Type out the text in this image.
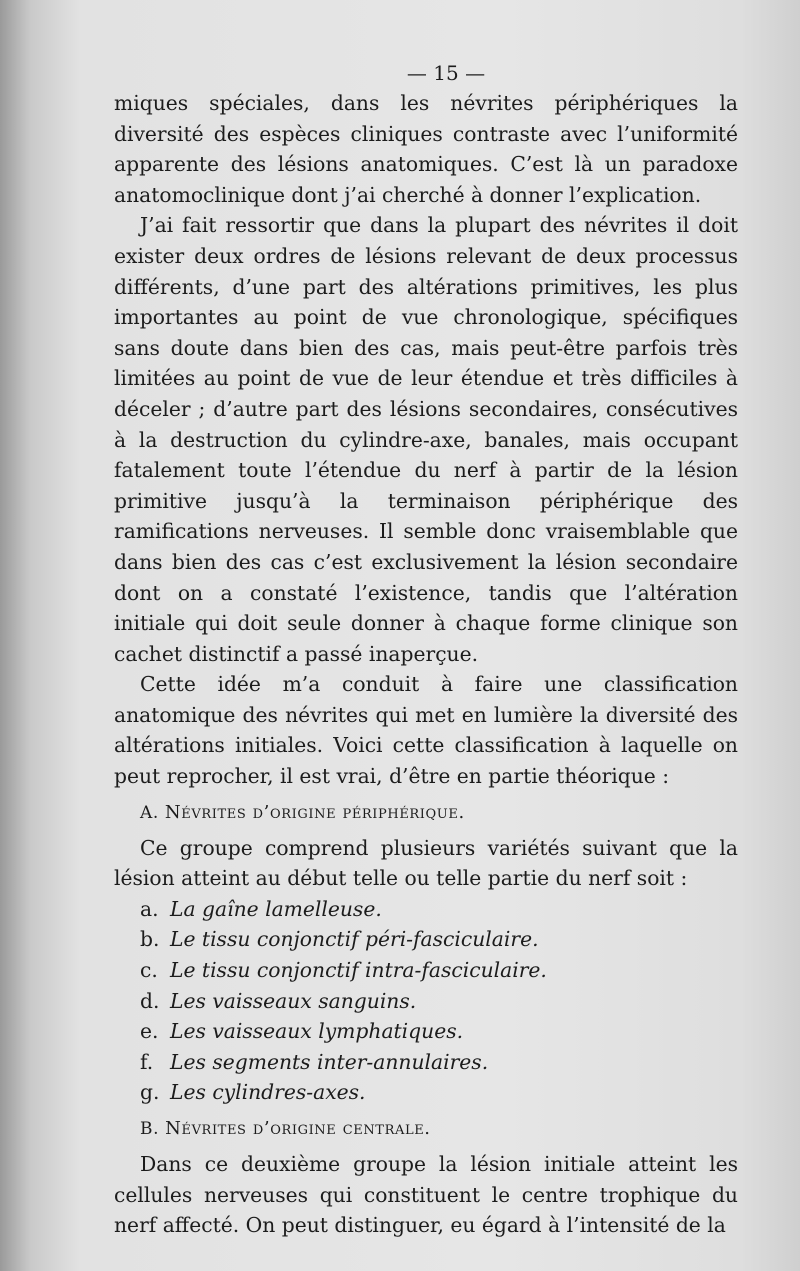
— 15 —

miques spéciales, dans les névrites périphériques la diversité des espèces cliniques contraste avec l’uniformité apparente des lésions anatomiques. C’est là un paradoxe anatomoclinique dont j’ai cherché à donner l’explication.

J’ai fait ressortir que dans la plupart des névrites il doit exister deux ordres de lésions relevant de deux processus différents, d’une part des altérations primitives, les plus importantes au point de vue chronologique, spécifiques sans doute dans bien des cas, mais peut-être parfois très limitées au point de vue de leur étendue et très difficiles à déceler ; d’autre part des lésions secondaires, consécutives à la destruction du cylindre-axe, banales, mais occupant fatalement toute l’étendue du nerf à partir de la lésion primitive jusqu’à la terminaison périphérique des ramifications nerveuses. Il semble donc vraisemblable que dans bien des cas c’est exclusivement la lésion secondaire dont on a constaté l’existence, tandis que l’altération initiale qui doit seule donner à chaque forme clinique son cachet distinctif a passé inaperçue.

Cette idée m’a conduit à faire une classification anatomique des névrites qui met en lumière la diversité des altérations initiales. Voici cette classification à laquelle on peut reprocher, il est vrai, d’être en partie théorique :

A. Névrites d’origine périphérique.

Ce groupe comprend plusieurs variétés suivant que la lésion atteint au début telle ou telle partie du nerf soit :

a. La gaîne lamelleuse.
b. Le tissu conjonctif péri-fasciculaire.
c. Le tissu conjonctif intra-fasciculaire.
d. Les vaisseaux sanguins.
e. Les vaisseaux lymphatiques.
f. Les segments inter-annulaires.
g. Les cylindres-axes.
B. Névrites d’origine centrale.

Dans ce deuxième groupe la lésion initiale atteint les cellules nerveuses qui constituent le centre trophique du nerf affecté. On peut distinguer, eu égard à l’intensité de la
